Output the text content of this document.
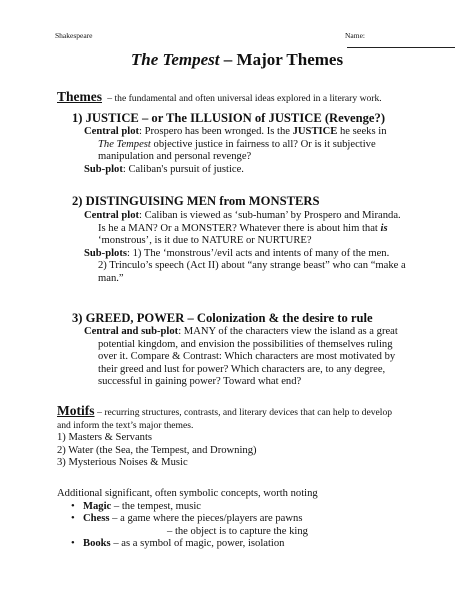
Shakespeare	Name:
The Tempest – Major Themes
Themes – the fundamental and often universal ideas explored in a literary work.
1) JUSTICE – or The ILLUSION of JUSTICE (Revenge?)
Central plot: Prospero has been wronged. Is the JUSTICE he seeks in
The Tempest objective justice in fairness to all? Or is it subjective
manipulation and personal revenge?
Sub-plot: Caliban's pursuit of justice.
2) DISTINGUISING MEN from MONSTERS
Central plot: Caliban is viewed as ‘sub-human’ by Prospero and Miranda.
Is he a MAN? Or a MONSTER? Whatever there is about him that is
‘monstrous’, is it due to NATURE or NURTURE?
Sub-plots: 1) The ‘monstrous’/evil acts and intents of many of the men.
2) Trinculo’s speech (Act II) about “any strange beast” who can “make a
man.”
3) GREED, POWER – Colonization & the desire to rule
Central and sub-plot: MANY of the characters view the island as a great
potential kingdom, and envision the possibilities of themselves ruling
over it. Compare & Contrast: Which characters are most motivated by
their greed and lust for power? Which characters are, to any degree,
successful in gaining power? Toward what end?
Motifs – recurring structures, contrasts, and literary devices that can help to develop
and inform the text’s major themes.
1) Masters & Servants
2) Water (the Sea, the Tempest, and Drowning)
3) Mysterious Noises & Music
Additional significant, often symbolic concepts, worth noting
• Magic – the tempest, music
• Chess – a game where the pieces/players are pawns
– the object is to capture the king
• Books – as a symbol of magic, power, isolation
